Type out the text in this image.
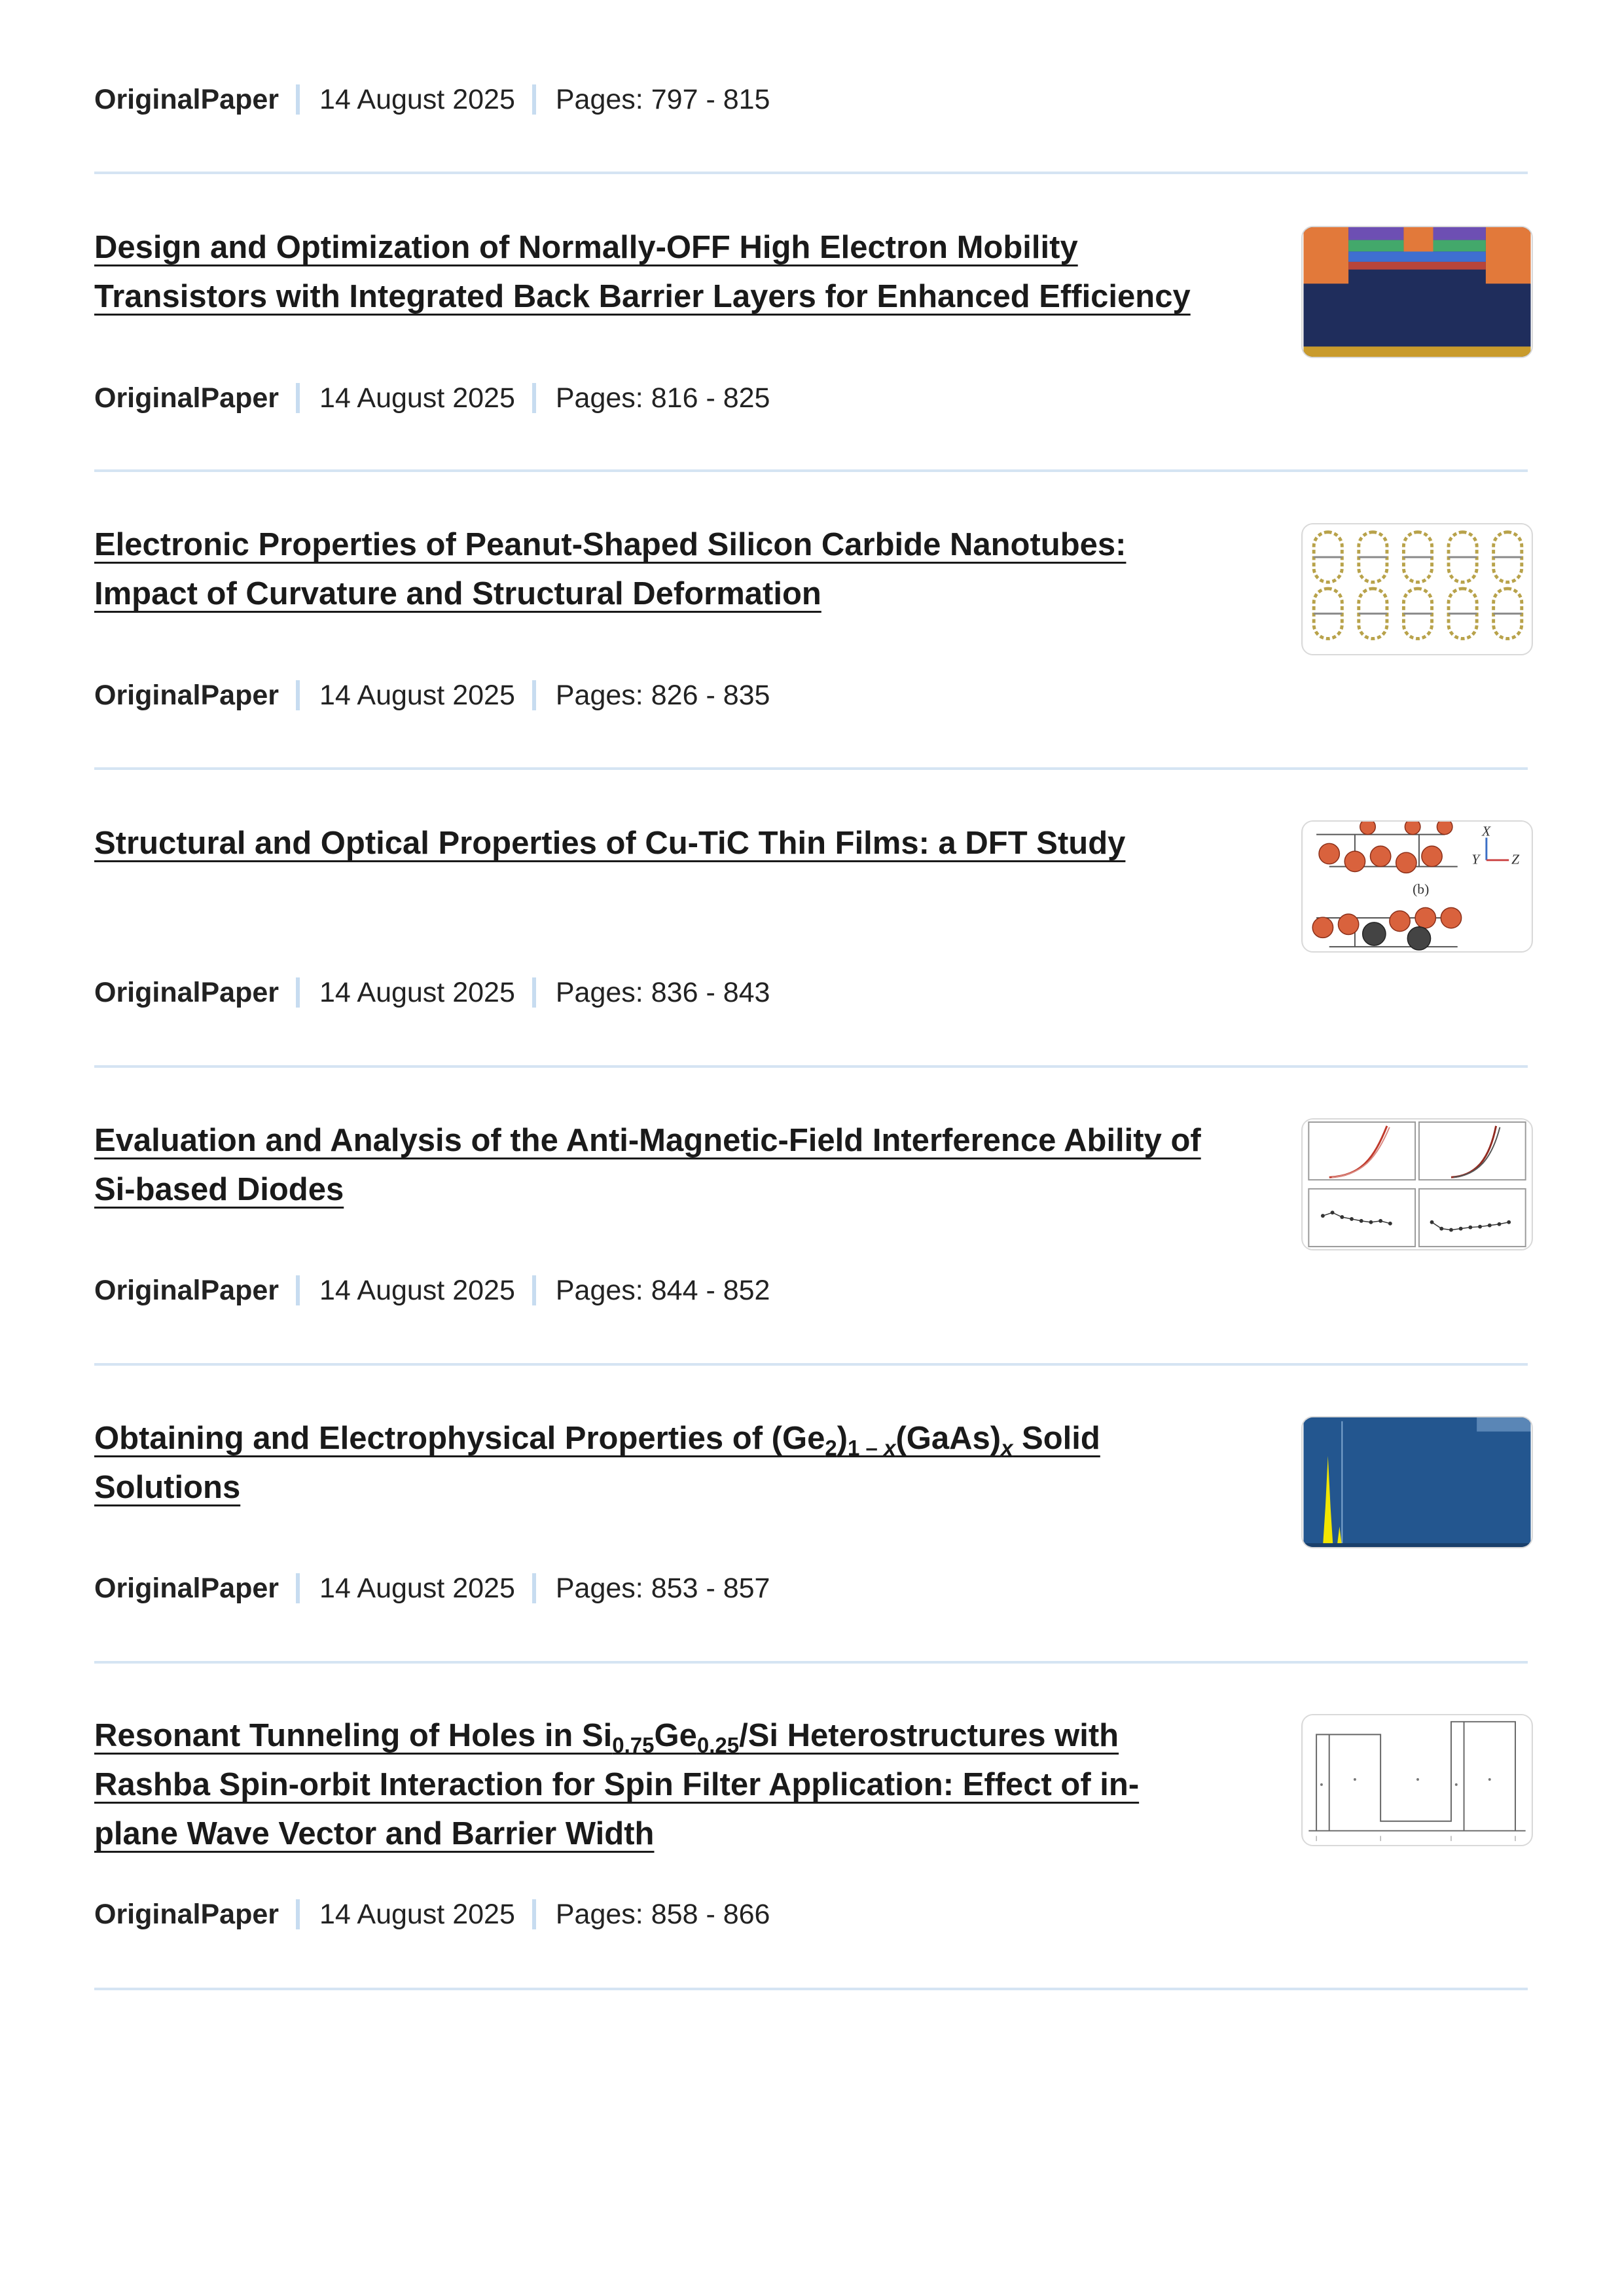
OriginalPaper 14 August 2025 Pages: 797 - 815
Design and Optimization of Normally-OFF High Electron Mobility
Transistors with Integrated Back Barrier Layers for Enhanced Efficiency
OriginalPaper 14 August 2025 Pages: 816 - 825
Electronic Properties of Peanut-Shaped Silicon Carbide Nanotubes:
Impact of Curvature and Structural Deformation
OriginalPaper 14 August 2025 Pages: 826 - 835
Structural and Optical Properties of Cu-TiC Thin Films: a DFT Study	X
Y Z
(b)
OriginalPaper 14 August 2025 Pages: 836 - 843
Evaluation and Analysis of the Anti-Magnetic-Field Interference Ability of
Si-based Diodes
OriginalPaper 14 August 2025 Pages: 844 - 852
Obtaining and Electrophysical Properties of $(Ge_2)_{1 - x}(GaAs)_x$ Solid
Solutions
OriginalPaper 14 August 2025 Pages: 853 - 857
Resonant Tunneling of Holes in $Si_{0.75}Ge_{0.25}/Si$ Heterostructures with
Rashba Spin-orbit Interaction for Spin Filter Application: Effect of in-
plane Wave Vector and Barrier Width
OriginalPaper 14 August 2025 Pages: 858 - 866
